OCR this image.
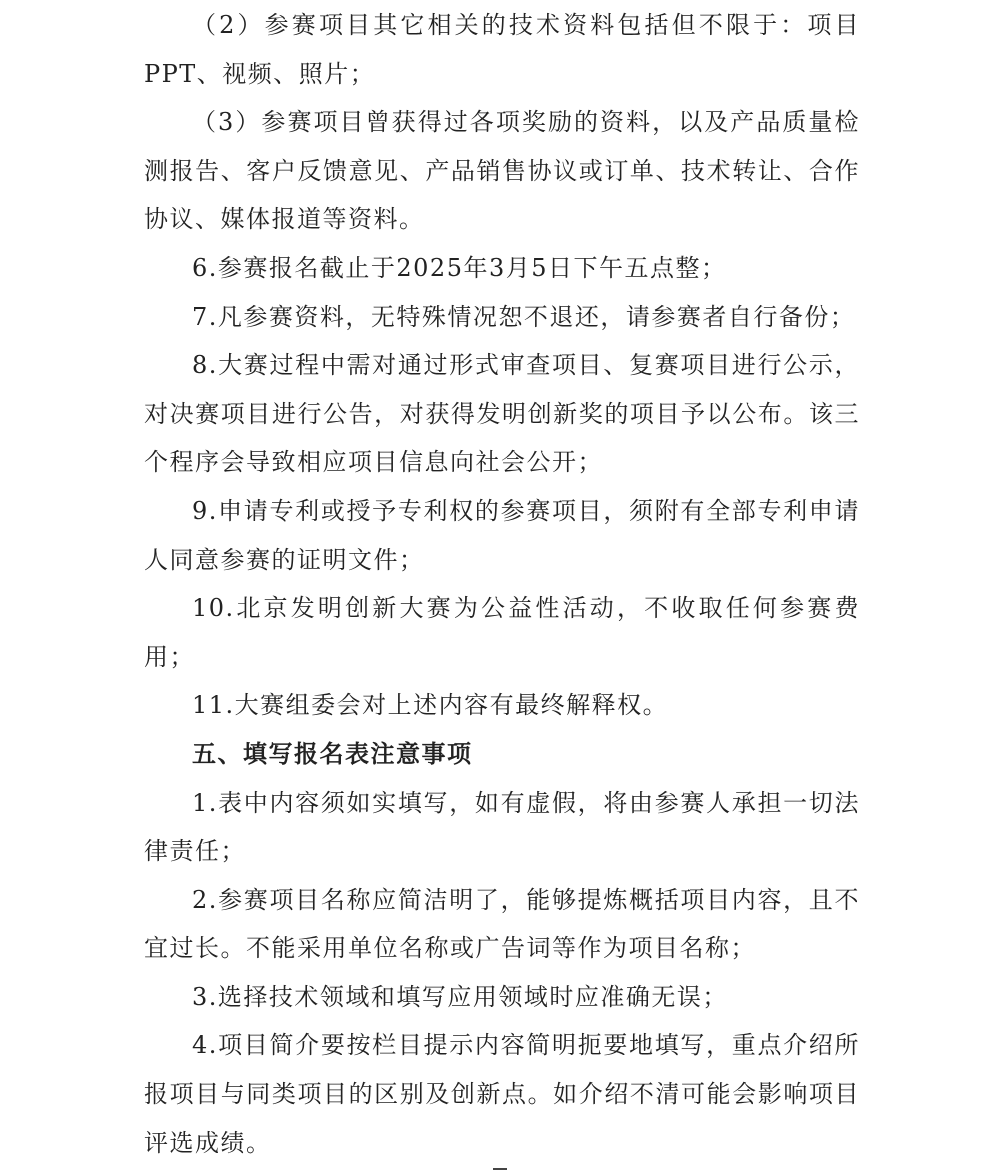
（2）参赛项目其它相关的技术资料包括但不限于：项目PPT、视频、照片；

（3）参赛项目曾获得过各项奖励的资料，以及产品质量检测报告、客户反馈意见、产品销售协议或订单、技术转让、合作协议、媒体报道等资料。

6.参赛报名截止于2025年3月5日下午五点整；

7.凡参赛资料，无特殊情况恕不退还，请参赛者自行备份；

8.大赛过程中需对通过形式审查项目、复赛项目进行公示，对决赛项目进行公告，对获得发明创新奖的项目予以公布。该三个程序会导致相应项目信息向社会公开；

9.申请专利或授予专利权的参赛项目，须附有全部专利申请人同意参赛的证明文件；

10.北京发明创新大赛为公益性活动，不收取任何参赛费用；

11.大赛组委会对上述内容有最终解释权。

五、填写报名表注意事项

1.表中内容须如实填写，如有虚假，将由参赛人承担一切法律责任；

2.参赛项目名称应简洁明了，能够提炼概括项目内容，且不宜过长。不能采用单位名称或广告词等作为项目名称；

3.选择技术领域和填写应用领域时应准确无误；

4.项目简介要按栏目提示内容简明扼要地填写，重点介绍所报项目与同类项目的区别及创新点。如介绍不清可能会影响项目评选成绩。
